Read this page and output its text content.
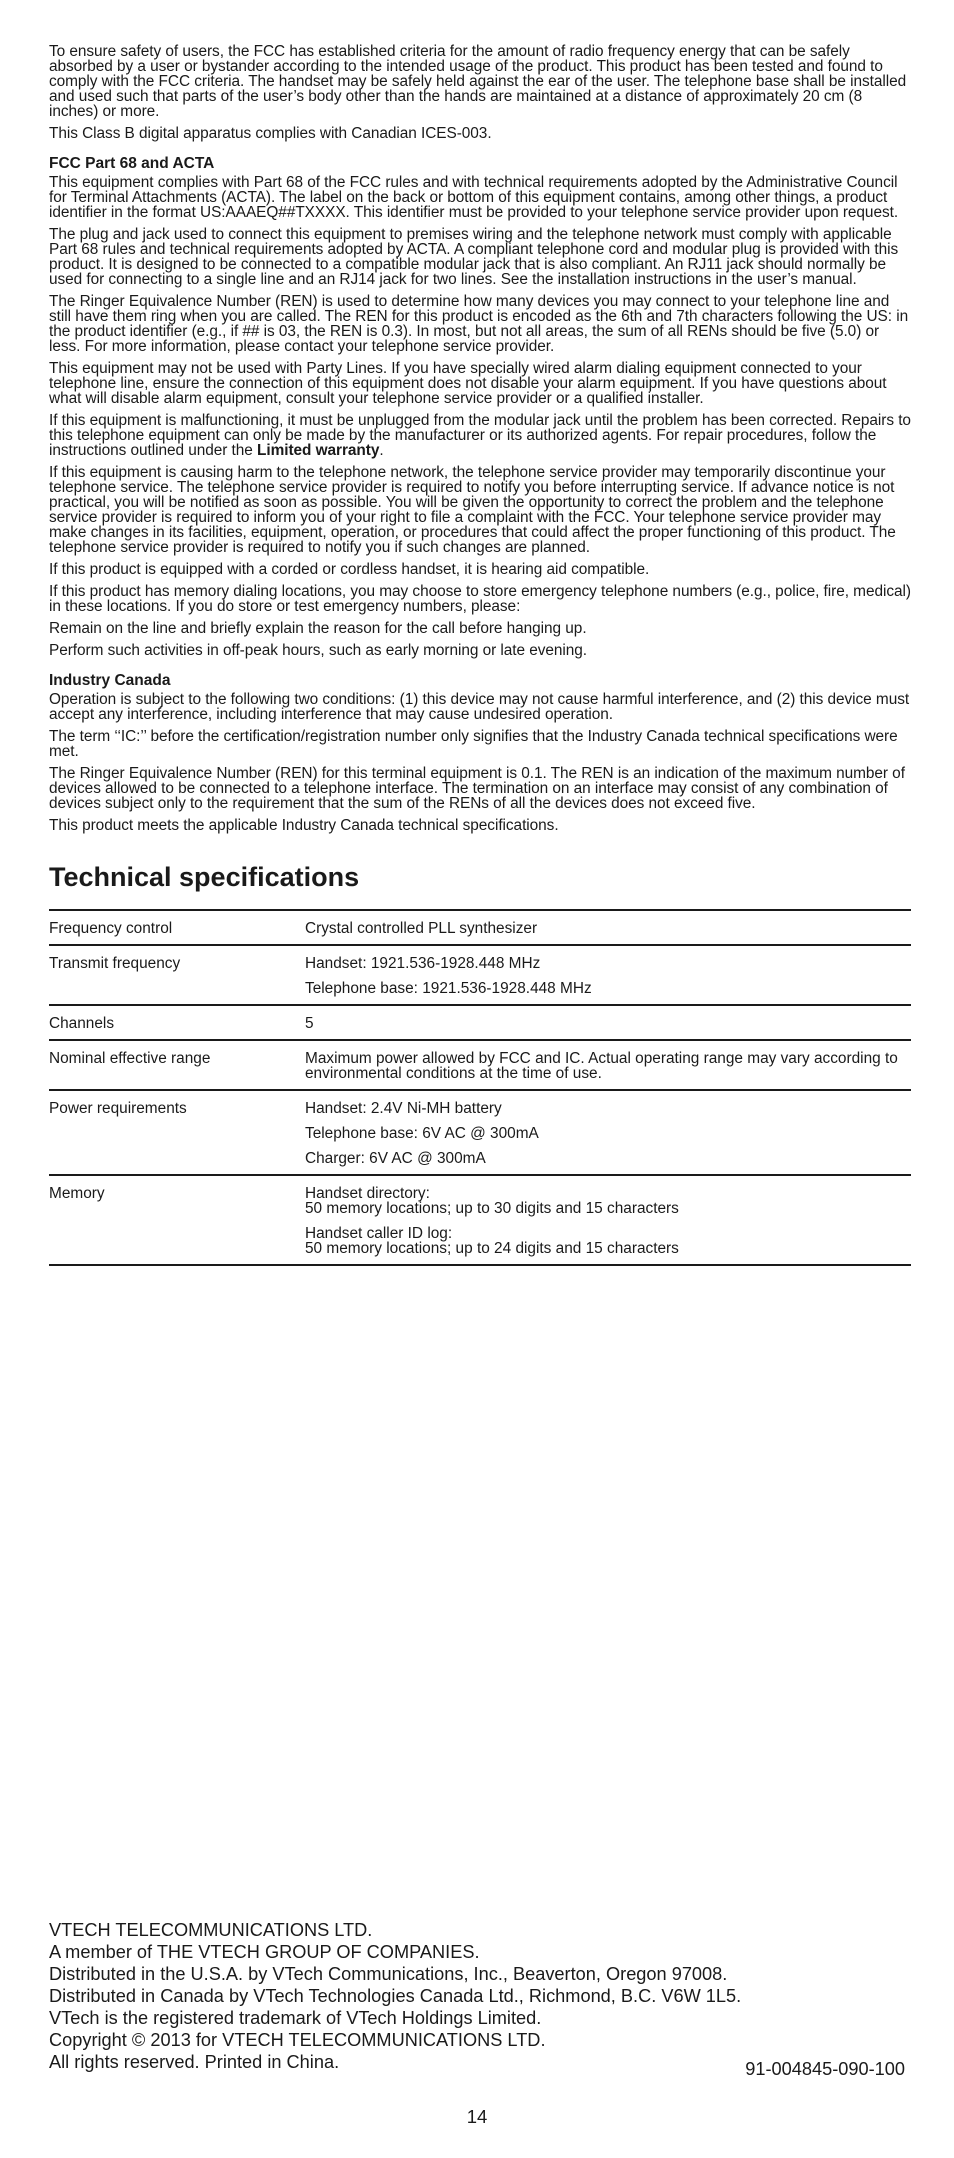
To ensure safety of users, the FCC has established criteria for the amount of radio frequency energy that can be safely absorbed by a user or bystander according to the intended usage of the product. This product has been tested and found to comply with the FCC criteria. The handset may be safely held against the ear of the user. The telephone base shall be installed and used such that parts of the user’s body other than the hands are maintained at a distance of approximately 20 cm (8 inches) or more.

This Class B digital apparatus complies with Canadian ICES-003.

FCC Part 68 and ACTA

This equipment complies with Part 68 of the FCC rules and with technical requirements adopted by the Administrative Council for Terminal Attachments (ACTA). The label on the back or bottom of this equipment contains, among other things, a product identifier in the format US:AAAEQ##TXXXX. This identifier must be provided to your telephone service provider upon request.

The plug and jack used to connect this equipment to premises wiring and the telephone network must comply with applicable Part 68 rules and technical requirements adopted by ACTA. A compliant telephone cord and modular plug is provided with this product. It is designed to be connected to a compatible modular jack that is also compliant. An RJ11 jack should normally be used for connecting to a single line and an RJ14 jack for two lines. See the installation instructions in the user’s manual.

The Ringer Equivalence Number (REN) is used to determine how many devices you may connect to your telephone line and still have them ring when you are called. The REN for this product is encoded as the 6th and 7th characters following the US: in the product identifier (e.g., if ## is 03, the REN is 0.3). In most, but not all areas, the sum of all RENs should be five (5.0) or less. For more information, please contact your telephone service provider.

This equipment may not be used with Party Lines. If you have specially wired alarm dialing equipment connected to your telephone line, ensure the connection of this equipment does not disable your alarm equipment. If you have questions about what will disable alarm equipment, consult your telephone service provider or a qualified installer.

If this equipment is malfunctioning, it must be unplugged from the modular jack until the problem has been corrected. Repairs to this telephone equipment can only be made by the manufacturer or its authorized agents. For repair procedures, follow the instructions outlined under the Limited warranty.

If this equipment is causing harm to the telephone network, the telephone service provider may temporarily discontinue your telephone service. The telephone service provider is required to notify you before interrupting service. If advance notice is not practical, you will be notified as soon as possible. You will be given the opportunity to correct the problem and the telephone service provider is required to inform you of your right to file a complaint with the FCC. Your telephone service provider may make changes in its facilities, equipment, operation, or procedures that could affect the proper functioning of this product. The telephone service provider is required to notify you if such changes are planned.

If this product is equipped with a corded or cordless handset, it is hearing aid compatible.

If this product has memory dialing locations, you may choose to store emergency telephone numbers (e.g., police, fire, medical) in these locations. If you do store or test emergency numbers, please:

Remain on the line and briefly explain the reason for the call before hanging up.

Perform such activities in off-peak hours, such as early morning or late evening.

Industry Canada

Operation is subject to the following two conditions: (1) this device may not cause harmful interference, and (2) this device must accept any interference, including interference that may cause undesired operation.

The term ‘‘IC:’’ before the certification/registration number only signifies that the Industry Canada technical specifications were met.

The Ringer Equivalence Number (REN) for this terminal equipment is 0.1. The REN is an indication of the maximum number of devices allowed to be connected to a telephone interface. The termination on an interface may consist of any combination of devices subject only to the requirement that the sum of the RENs of all the devices does not exceed five.

This product meets the applicable Industry Canada technical specifications.

Technical specifications
Frequency control	Crystal controlled PLL synthesizer

Transmit frequency	Handset: 1921.536-1928.448 MHz
Telephone base: 1921.536-1928.448 MHz

Channels	5

Nominal effective range	Maximum power allowed by FCC and IC. Actual operating range may vary according to environmental conditions at the time of use.

Power requirements	Handset: 2.4V Ni-MH battery
Telephone base: 6V AC @ 300mA
Charger: 6V AC @ 300mA

Memory	Handset directory:
50 memory locations; up to 30 digits and 15 characters
Handset caller ID log:
50 memory locations; up to 24 digits and 15 characters
VTECH TELECOMMUNICATIONS LTD.
A member of THE VTECH GROUP OF COMPANIES.
Distributed in the U.S.A. by VTech Communications, Inc., Beaverton, Oregon 97008.
Distributed in Canada by VTech Technologies Canada Ltd., Richmond, B.C. V6W 1L5.
VTech is the registered trademark of VTech Holdings Limited.
Copyright © 2013 for VTECH TELECOMMUNICATIONS LTD.
All rights reserved. Printed in China.	91-004845-090-100
14
